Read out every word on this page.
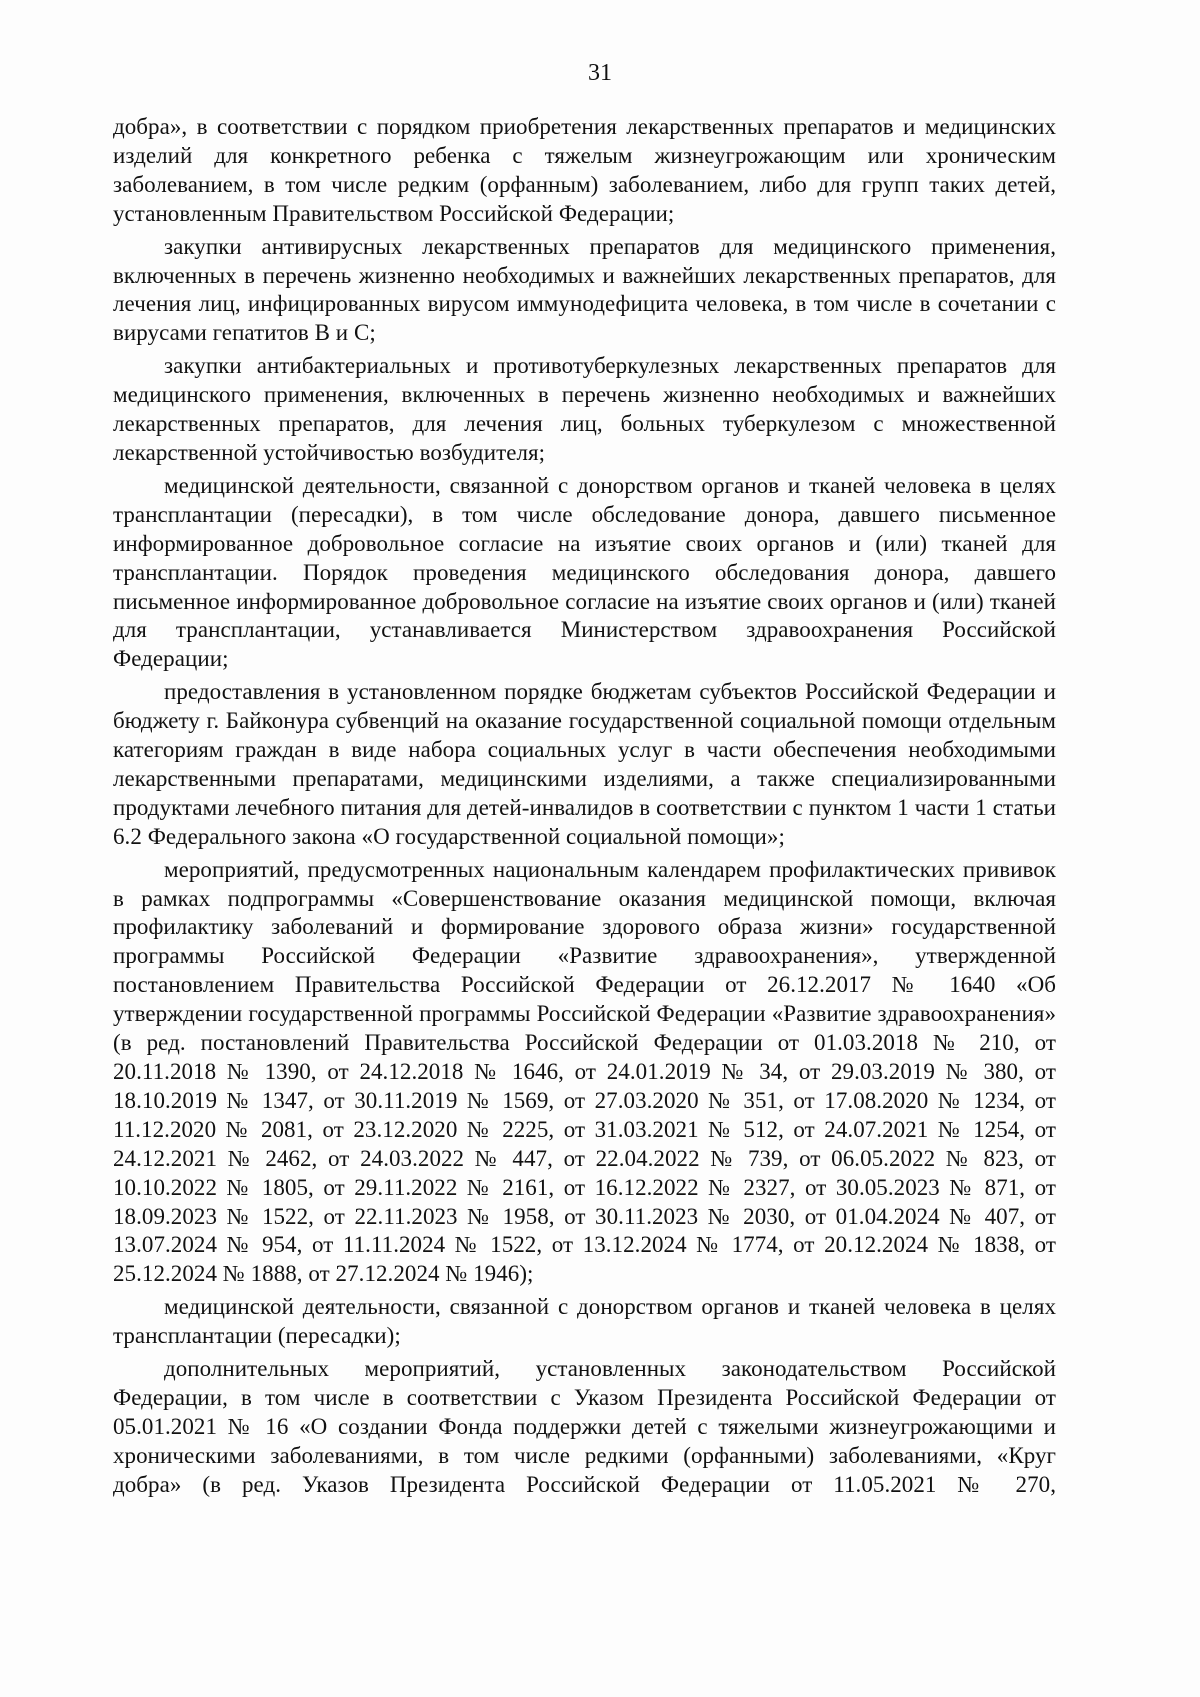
31

добра», в соответствии с порядком приобретения лекарственных препаратов и медицинских изделий для конкретного ребенка с тяжелым жизнеугрожающим или хроническим заболеванием, в том числе редким (орфанным) заболеванием, либо для групп таких детей, установленным Правительством Российской Федерации;

закупки антивирусных лекарственных препаратов для медицинского применения, включенных в перечень жизненно необходимых и важнейших лекарственных препаратов, для лечения лиц, инфицированных вирусом иммунодефицита человека, в том числе в сочетании с вирусами гепатитов B и C;

закупки антибактериальных и противотуберкулезных лекарственных препаратов для медицинского применения, включенных в перечень жизненно необходимых и важнейших лекарственных препаратов, для лечения лиц, больных туберкулезом с множественной лекарственной устойчивостью возбудителя;

медицинской деятельности, связанной с донорством органов и тканей человека в целях трансплантации (пересадки), в том числе обследование донора, давшего письменное информированное добровольное согласие на изъятие своих органов и (или) тканей для трансплантации. Порядок проведения медицинского обследования донора, давшего письменное информированное добровольное согласие на изъятие своих органов и (или) тканей для трансплантации, устанавливается Министерством здравоохранения Российской Федерации;

предоставления в установленном порядке бюджетам субъектов Российской Федерации и бюджету г. Байконура субвенций на оказание государственной социальной помощи отдельным категориям граждан в виде набора социальных услуг в части обеспечения необходимыми лекарственными препаратами, медицинскими изделиями, а также специализированными продуктами лечебного питания для детей-инвалидов в соответствии с пунктом 1 части 1 статьи 6.2 Федерального закона «О государственной социальной помощи»;

мероприятий, предусмотренных национальным календарем профилактических прививок в рамках подпрограммы «Совершенствование оказания медицинской помощи, включая профилактику заболеваний и формирование здорового образа жизни» государственной программы Российской Федерации «Развитие здравоохранения», утвержденной постановлением Правительства Российской Федерации от 26.12.2017 № 1640 «Об утверждении государственной программы Российской Федерации «Развитие здравоохранения» (в ред. постановлений Правительства Российской Федерации от 01.03.2018 № 210, от 20.11.2018 № 1390, от 24.12.2018 № 1646, от 24.01.2019 № 34, от 29.03.2019 № 380, от 18.10.2019 № 1347, от 30.11.2019 № 1569, от 27.03.2020 № 351, от 17.08.2020 № 1234, от 11.12.2020 № 2081, от 23.12.2020 № 2225, от 31.03.2021 № 512, от 24.07.2021 № 1254, от 24.12.2021 № 2462, от 24.03.2022 № 447, от 22.04.2022 № 739, от 06.05.2022 № 823, от 10.10.2022 № 1805, от 29.11.2022 № 2161, от 16.12.2022 № 2327, от 30.05.2023 № 871, от 18.09.2023 № 1522, от 22.11.2023 № 1958, от 30.11.2023 № 2030, от 01.04.2024 № 407, от 13.07.2024 № 954, от 11.11.2024 № 1522, от 13.12.2024 № 1774, от 20.12.2024 № 1838, от 25.12.2024 № 1888, от 27.12.2024 № 1946);

медицинской деятельности, связанной с донорством органов и тканей человека в целях трансплантации (пересадки);

дополнительных мероприятий, установленных законодательством Российской Федерации, в том числе в соответствии с Указом Президента Российской Федерации от 05.01.2021 № 16 «О создании Фонда поддержки детей с тяжелыми жизнеугрожающими и хроническими заболеваниями, в том числе редкими (орфанными) заболеваниями, «Круг добра» (в ред. Указов Президента Российской Федерации от 11.05.2021 № 270,
